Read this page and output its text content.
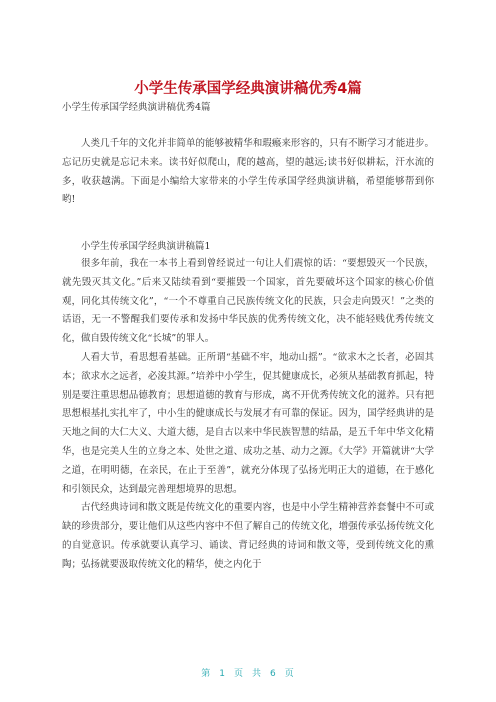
小学生传承国学经典演讲稿优秀4篇
小学生传承国学经典演讲稿优秀4篇

人类几千年的文化并非简单的能够被精华和瑕瘢来形容的，只有不断学习才能进步。忘记历史就是忘记未来。读书好似爬山，爬的越高，望的越远;读书好似耕耘，汗水流的多，收获越满。下面是小编给大家带来的小学生传承国学经典演讲稿，希望能够帮到你哟!

小学生传承国学经典演讲稿篇1

很多年前，我在一本书上看到曾经说过一句让人们震惊的话：“要想毁灭一个民族，就先毁灭其文化。”后来又陆续看到“要摧毁一个国家，首先要破坏这个国家的核心价值观，同化其传统文化”，“一个不尊重自己民族传统文化的民族，只会走向毁灭！”之类的话语，无一不警醒我们要传承和发扬中华民族的优秀传统文化，决不能轻贱优秀传统文化，做自毁传统文化“长城”的罪人。

人看大节，看思想看基础。正所谓“基础不牢，地动山摇”。“欲求木之长者，必固其本；欲求水之远者，必浚其源。”培养中小学生，促其健康成长，必须从基础教育抓起，特别是要注重思想品德教育；思想道德的教育与形成，离不开优秀传统文化的滋养。只有把思想根基扎实扎牢了，中小生的健康成长与发展才有可靠的保证。因为，国学经典讲的是天地之间的大仁大义、大道大德，是自古以来中华民族智慧的结晶，是五千年中华文化精华，也是完美人生的立身之本、处世之道、成功之基、动力之源。《大学》开篇就讲“大学之道，在明明德，在亲民，在止于至善”，就充分体现了弘扬光明正大的道德，在于感化和引领民众，达到最完善理想境界的思想。

古代经典诗词和散文既是传统文化的重要内容，也是中小学生精神营养套餐中不可或缺的珍贵部分，要让他们从这些内容中不但了解自己的传统文化，增强传承弘扬传统文化的自觉意识。传承就要认真学习、诵读、背记经典的诗词和散文等，受到传统文化的熏陶；弘扬就要汲取传统文化的精华，使之内化于

第 1 页 共 6 页
